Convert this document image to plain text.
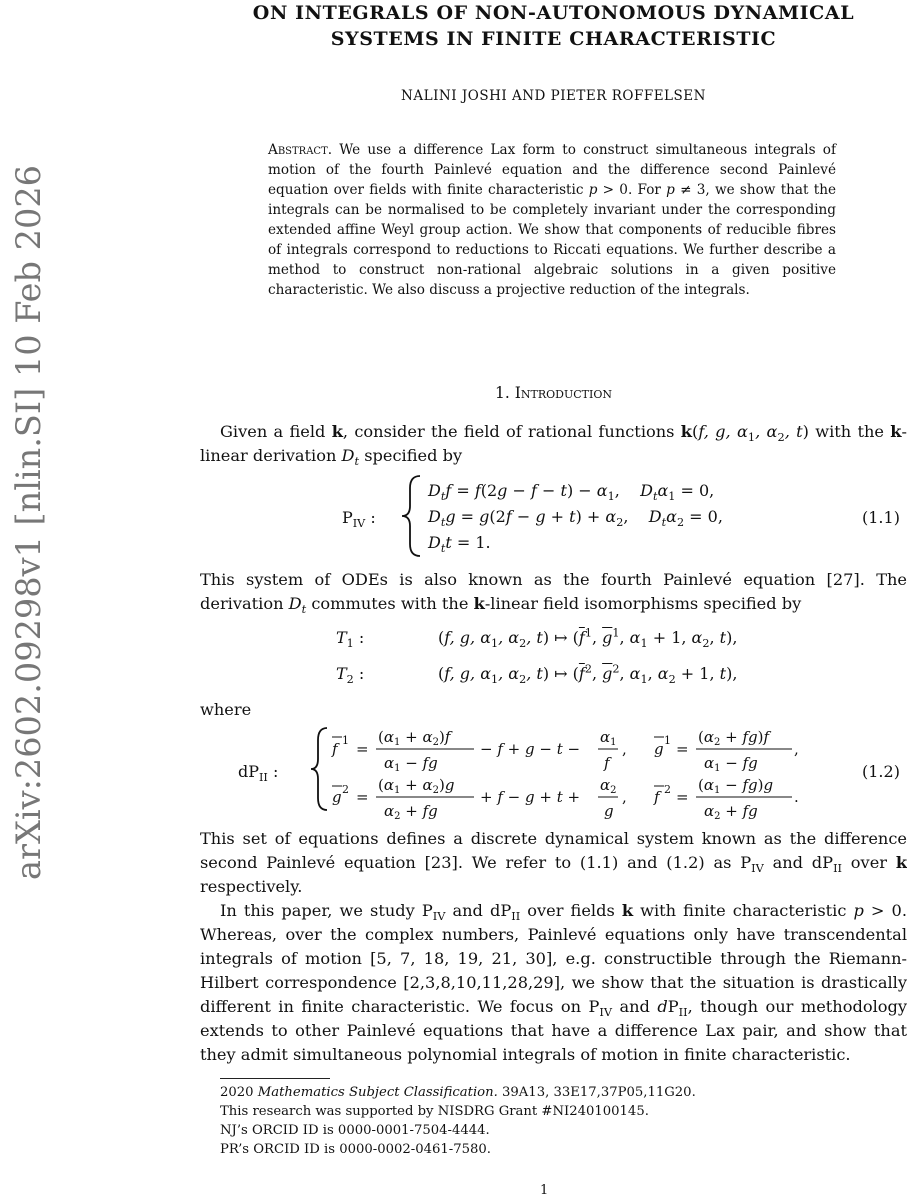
arXiv:2602.09298v1 [nlin.SI] 10 Feb 2026
ON INTEGRALS OF NON-AUTONOMOUS DYNAMICAL
SYSTEMS IN FINITE CHARACTERISTIC
NALINI JOSHI AND PIETER ROFFELSEN
Abstract. We use a difference Lax form to construct simultaneous integrals of motion of the fourth Painlevé equation and the difference second Painlevé equation over fields with finite characteristic p > 0. For p ≠ 3, we show that the integrals can be normalised to be completely invariant under the corresponding extended affine Weyl group action. We show that components of reducible fibres of integrals correspond to reductions to Riccati equations. We further describe a method to construct non-rational algebraic solutions in a given positive characteristic. We also discuss a projective reduction of the integrals.
1. Introduction

Given a field k, consider the field of rational functions k(f, g, $\alpha_1$, $\alpha_2$, t) with the k-linear derivation $D_t$ specified by

$P_{IV}$ :
$D_tf = f(2g - f - t) - \alpha_1$,    $D_t\alpha_1 = 0$,
$D_tg = g(2f - g + t) + \alpha_2$,    $D_t\alpha_2 = 0$,
$D_tt = 1$.
(1.1)

This system of ODEs is also known as the fourth Painlevé equation [27]. The derivation $D_t$ commutes with the k-linear field isomorphisms specified by

$T_1$ :	(f, g, $\alpha_1$, $\alpha_2$, t) ↦ ($\overline{f}^1$, $\overline{g}^1$, $\alpha_1 + 1$, $\alpha_2$, t),
$T_2$ :	(f, g, $\alpha_1$, $\alpha_2$, t) ↦ ($\overline{f}^2$, $\overline{g}^2$, $\alpha_1$, $\alpha_2 + 1$, t),
where
$dP_{II}$ :
f 1 =
$(\alpha_1 + \alpha_2)f$
$\alpha_1$ − fg
− f + g − t −
$\alpha_1$
f
, g 1 =
$(\alpha_2 + fg)f$
$\alpha_1$ − fg
,
g 2 =
$(\alpha_1 + \alpha_2)g$
$\alpha_2$ + fg
+ f − g + t +
$\alpha_2$
g
, f 2 =
$(\alpha_1 - fg)g$
$\alpha_2$ + fg
.
(1.2)

This set of equations defines a discrete dynamical system known as the difference second Painlevé equation [23]. We refer to (1.1) and (1.2) as $P_{IV}$ and $dP_{II}$ over k respectively.

In this paper, we study $P_{IV}$ and $dP_{II}$ over fields k with finite characteristic p > 0. Whereas, over the complex numbers, Painlevé equations only have transcendental integrals of motion [5, 7, 18, 19, 21, 30], e.g. constructible through the Riemann-Hilbert correspondence [2,3,8,10,11,28,29], we show that the situation is drastically different in finite characteristic. We focus on $P_{IV}$ and $dP_{II}$, though our methodology extends to other Painlevé equations that have a difference Lax pair, and show that they admit simultaneous polynomial integrals of motion in finite characteristic.

2020 Mathematics Subject Classification. 39A13, 33E17,37P05,11G20.

This research was supported by NISDRG Grant #NI240100145.

NJ’s ORCID ID is 0000-0001-7504-4444.

PR’s ORCID ID is 0000-0002-0461-7580.

1
